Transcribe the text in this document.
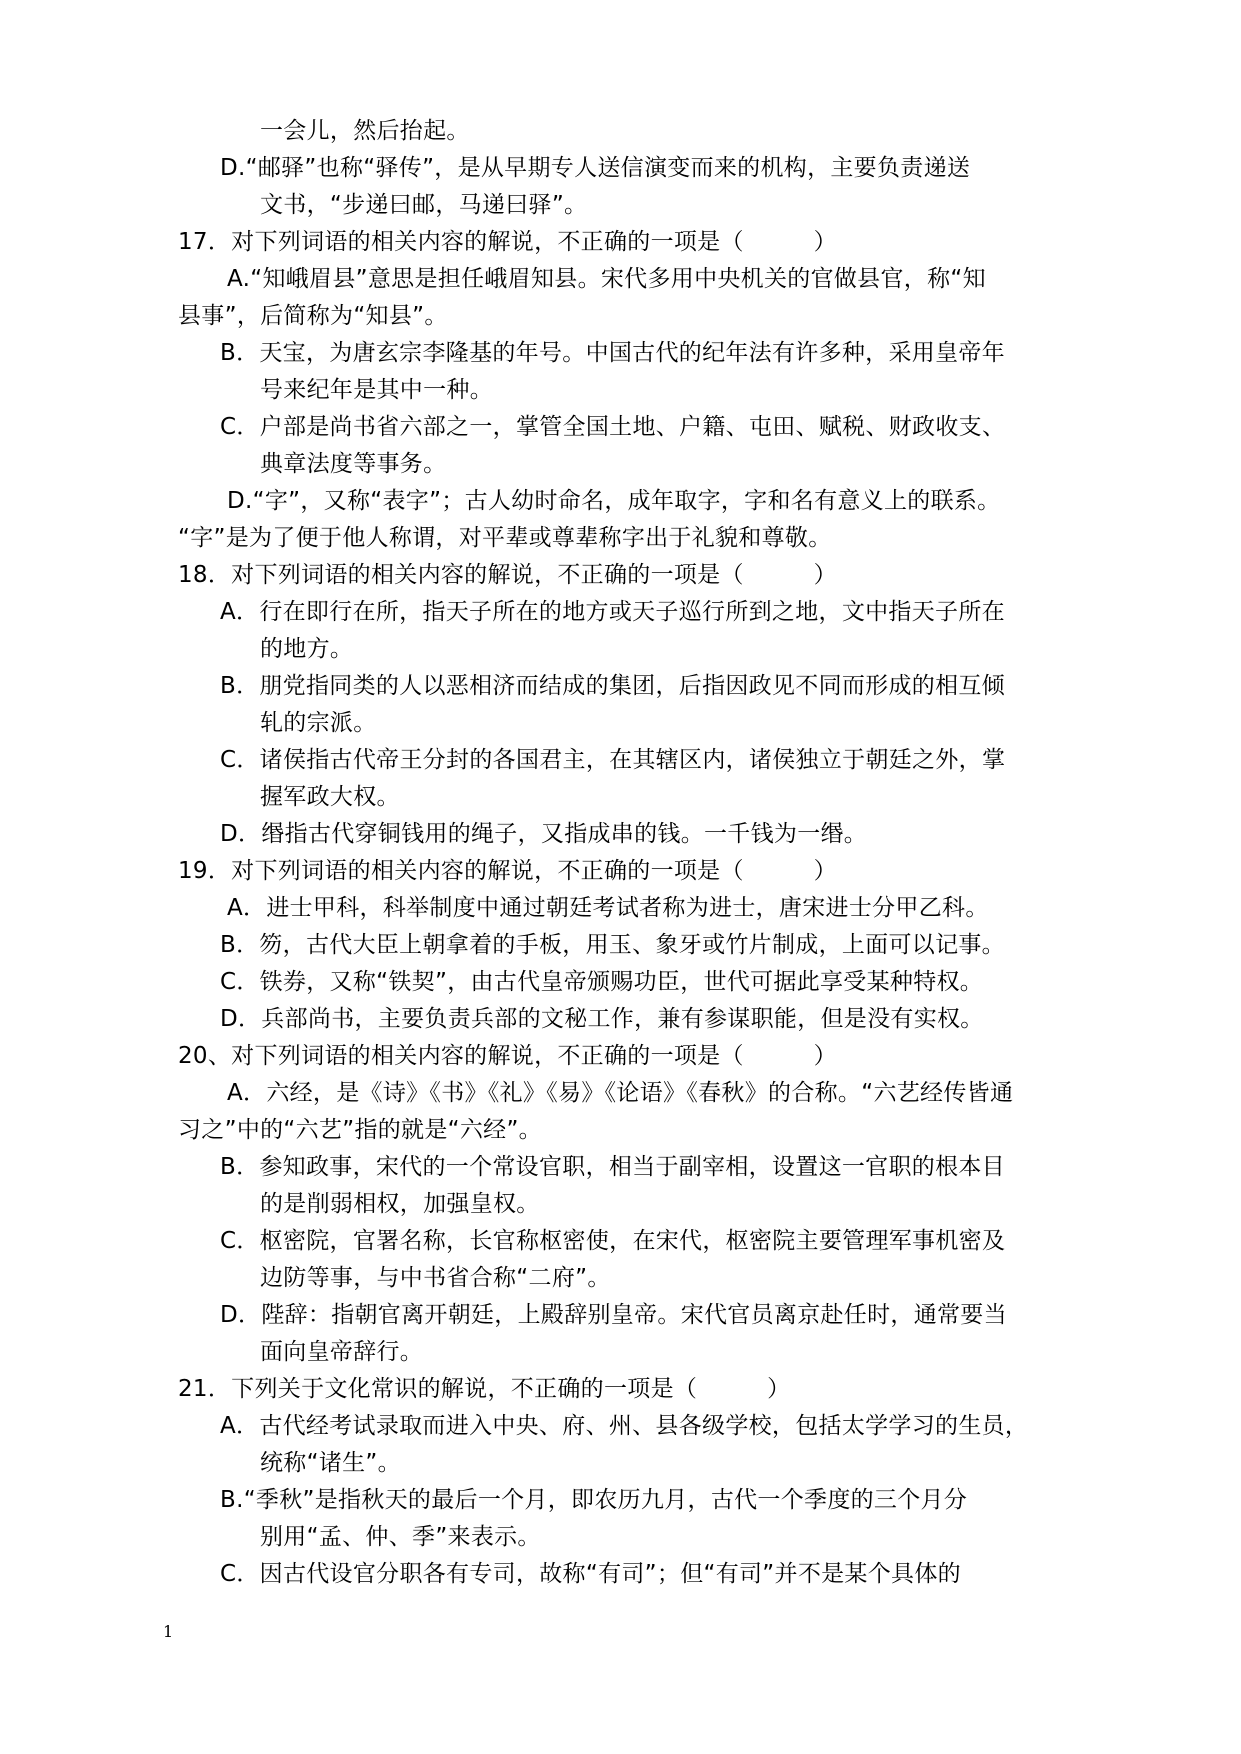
一会儿，然后抬起。
D.“邮驿”也称“驿传”，是从早期专人送信演变而来的机构，主要负责递送
文书，“步递曰邮，马递曰驿”。
17．对下列词语的相关内容的解说，不正确的一项是（　　　）
A.“知峨眉县”意思是担任峨眉知县。宋代多用中央机关的官做县官，称“知
县事”，后简称为“知县”。
B．天宝，为唐玄宗李隆基的年号。中国古代的纪年法有许多种，采用皇帝年
号来纪年是其中一种。
C．户部是尚书省六部之一，掌管全国土地、户籍、屯田、赋税、财政收支、
典章法度等事务。
D.“字”，又称“表字”；古人幼时命名，成年取字，字和名有意义上的联系。
“字”是为了便于他人称谓，对平辈或尊辈称字出于礼貌和尊敬。
18．对下列词语的相关内容的解说，不正确的一项是（　　　）
A．行在即行在所，指天子所在的地方或天子巡行所到之地，文中指天子所在
的地方。
B．朋党指同类的人以恶相济而结成的集团，后指因政见不同而形成的相互倾
轧的宗派。
C．诸侯指古代帝王分封的各国君主，在其辖区内，诸侯独立于朝廷之外，掌
握军政大权。
D．缗指古代穿铜钱用的绳子，又指成串的钱。一千钱为一缗。
19．对下列词语的相关内容的解说，不正确的一项是（　　　）
A．进士甲科，科举制度中通过朝廷考试者称为进士，唐宋进士分甲乙科。
B．笏，古代大臣上朝拿着的手板，用玉、象牙或竹片制成，上面可以记事。
C．铁券，又称“铁契”，由古代皇帝颁赐功臣，世代可据此享受某种特权。
D．兵部尚书，主要负责兵部的文秘工作，兼有参谋职能，但是没有实权。
20、对下列词语的相关内容的解说，不正确的一项是（　　　）
A．六经，是《诗》《书》《礼》《易》《论语》《春秋》的合称。“六艺经传皆通
习之”中的“六艺”指的就是“六经”。
B．参知政事，宋代的一个常设官职，相当于副宰相，设置这一官职的根本目
的是削弱相权，加强皇权。
C．枢密院，官署名称，长官称枢密使，在宋代，枢密院主要管理军事机密及
边防等事，与中书省合称“二府”。
D．陛辞：指朝官离开朝廷，上殿辞别皇帝。宋代官员离京赴任时，通常要当
面向皇帝辞行。
21．下列关于文化常识的解说，不正确的一项是（　　　）
A．古代经考试录取而进入中央、府、州、县各级学校，包括太学学习的生员，
统称“诸生”。
B.“季秋”是指秋天的最后一个月，即农历九月，古代一个季度的三个月分
别用“孟、仲、季”来表示。
C．因古代设官分职各有专司，故称“有司”；但“有司”并不是某个具体的
1
